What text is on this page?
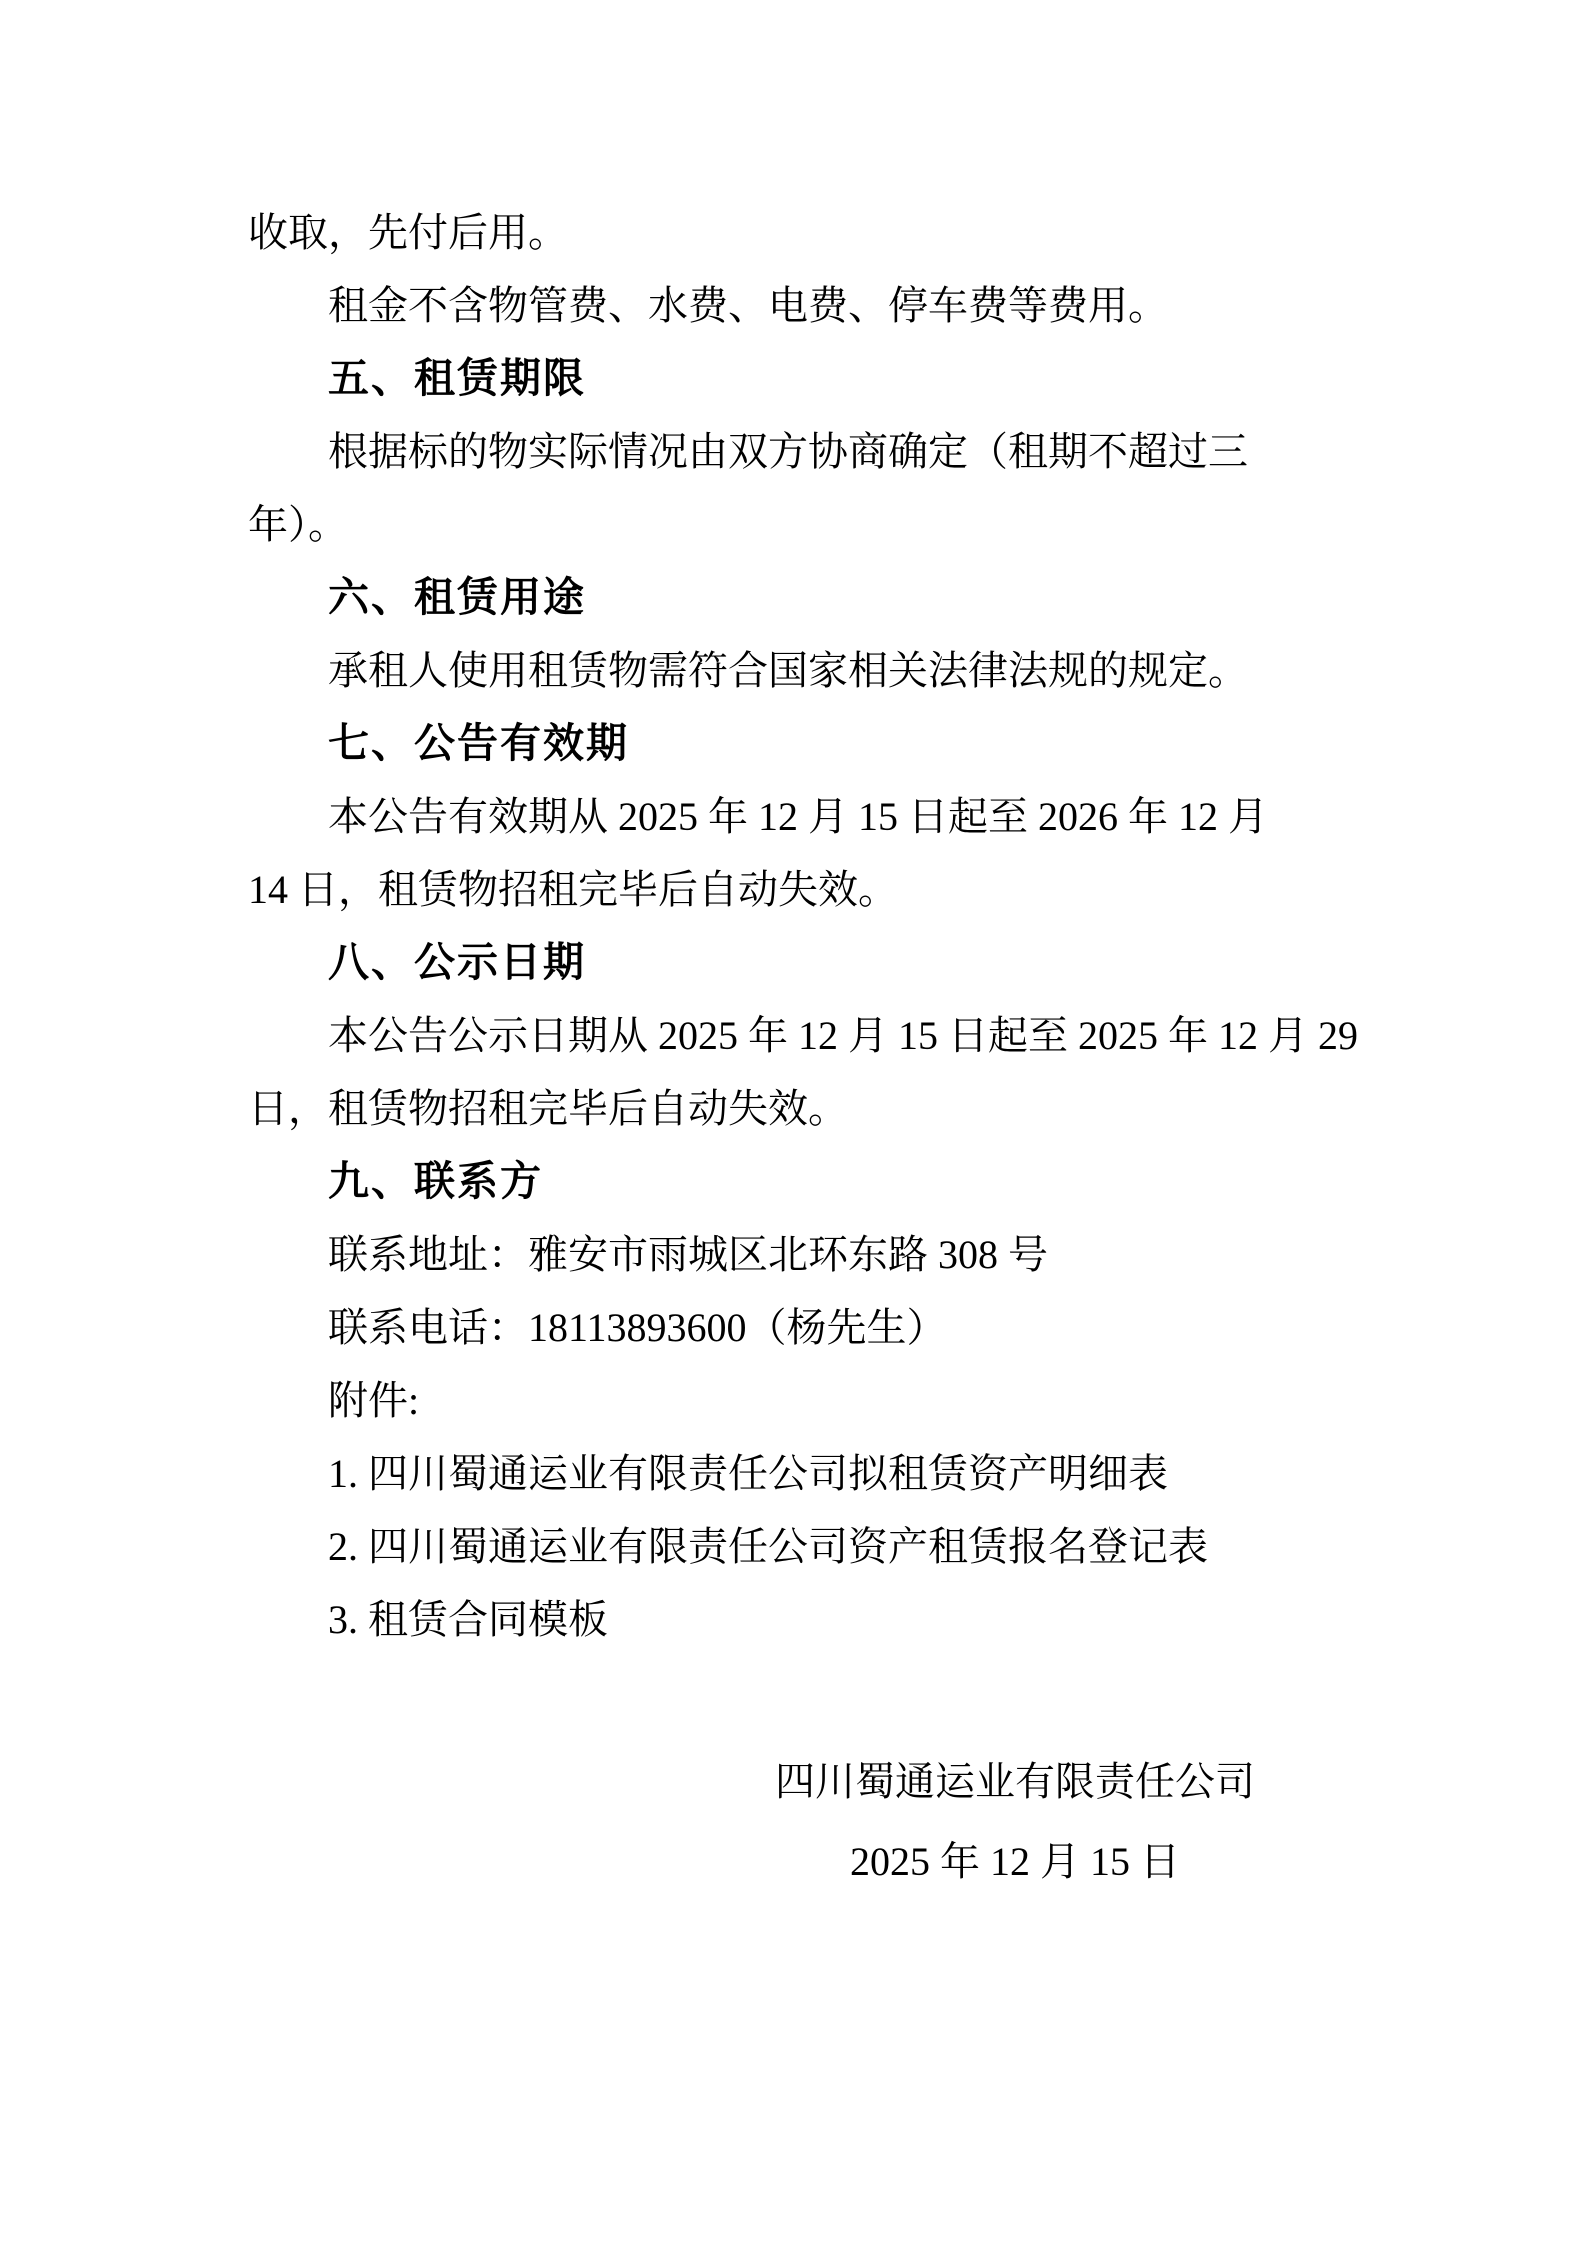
收取，先付后用。
租金不含物管费、水费、电费、停车费等费用。
五、租赁期限
根据标的物实际情况由双方协商确定（租期不超过三
年）。
六、租赁用途
承租人使用租赁物需符合国家相关法律法规的规定。
七、公告有效期
本公告有效期从 2025 年 12 月 15 日起至 2026 年 12 月
14 日，租赁物招租完毕后自动失效。
八、公示日期
本公告公示日期从 2025 年 12 月 15 日起至 2025 年 12 月 29
日，租赁物招租完毕后自动失效。
九、联系方
联系地址：雅安市雨城区北环东路 308 号
联系电话：18113893600（杨先生）
附件:
1. 四川蜀通运业有限责任公司拟租赁资产明细表
2. 四川蜀通运业有限责任公司资产租赁报名登记表
3. 租赁合同模板
四川蜀通运业有限责任公司
2025 年 12 月 15 日
